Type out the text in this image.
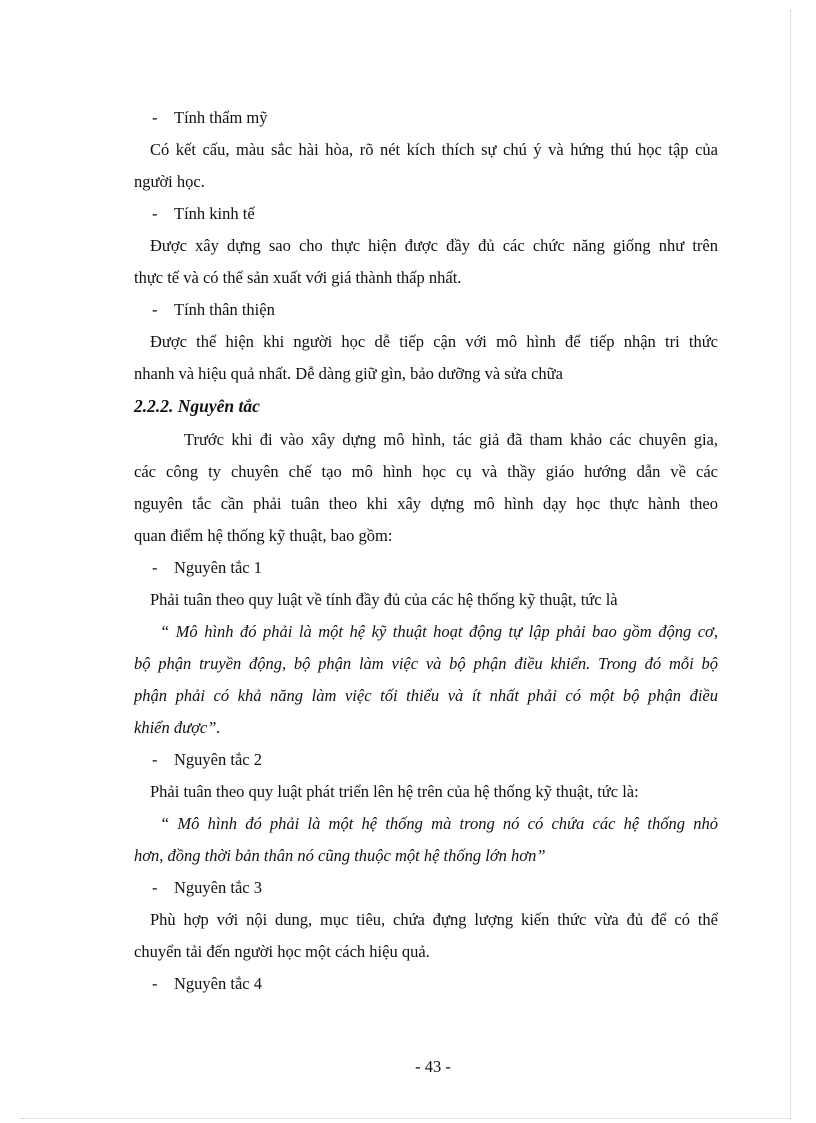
- Tính thẩm mỹ
Có kết cấu, màu sắc hài hòa, rõ nét kích thích sự chú ý và hứng thú học tập của
người học.
- Tính kinh tế
Được xây dựng sao cho thực hiện được đầy đủ các chức năng giống như trên
thực tế và có thể sản xuất với giá thành thấp nhất.
- Tính thân thiện
Được thể hiện khi người học dễ tiếp cận với mô hình để tiếp nhận tri thức
nhanh và hiệu quả nhất. Dễ dàng giữ gìn, bảo dưỡng và sửa chữa
2.2.2. Nguyên tắc
Trước khi đi vào xây dựng mô hình, tác giả đã tham khảo các chuyên gia,
các công ty chuyên chế tạo mô hình học cụ và thầy giáo hướng dẫn về các
nguyên tắc cần phải tuân theo khi xây dựng mô hình dạy học thực hành theo
quan điểm hệ thống kỹ thuật, bao gồm:
- Nguyên tắc 1
Phải tuân theo quy luật về tính đầy đủ của các hệ thống kỹ thuật, tức là
“ Mô hình đó phải là một hệ kỹ thuật hoạt động tự lập phải bao gồm động cơ,
bộ phận truyền động, bộ phận làm việc và bộ phận điều khiển. Trong đó mỗi bộ
phận phải có khả năng làm việc tối thiểu và ít nhất phải có một bộ phận điều
khiển được”.
- Nguyên tắc 2
Phải tuân theo quy luật phát triển lên hệ trên của hệ thống kỹ thuật, tức là:
“ Mô hình đó phải là một hệ thống mà trong nó có chứa các hệ thống nhỏ
hơn, đồng thời bản thân nó cũng thuộc một hệ thống lớn hơn”
- Nguyên tắc 3
Phù hợp với nội dung, mục tiêu, chứa đựng lượng kiến thức vừa đủ để có thể
chuyển tải đến người học một cách hiệu quả.
- Nguyên tắc 4
- 43 -
